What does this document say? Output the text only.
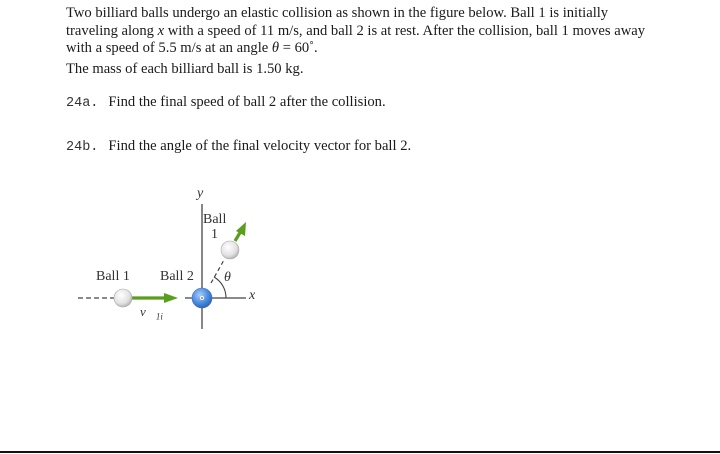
Two billiard balls undergo an elastic collision as shown in the figure below. Ball 1 is initially traveling along x with a speed of 11 m/s, and ball 2 is at rest. After the collision, ball 1 moves away with a speed of 5.5 m/s at an angle θ = 60˚.
The mass of each billiard ball is 1.50 kg.
24a. Find the final speed of ball 2 after the collision.
24b. Find the angle of the final velocity vector for ball 2.
y
x
Ball
1
Ball 1 Ball 2 θ
$v⃗_{1i}$
